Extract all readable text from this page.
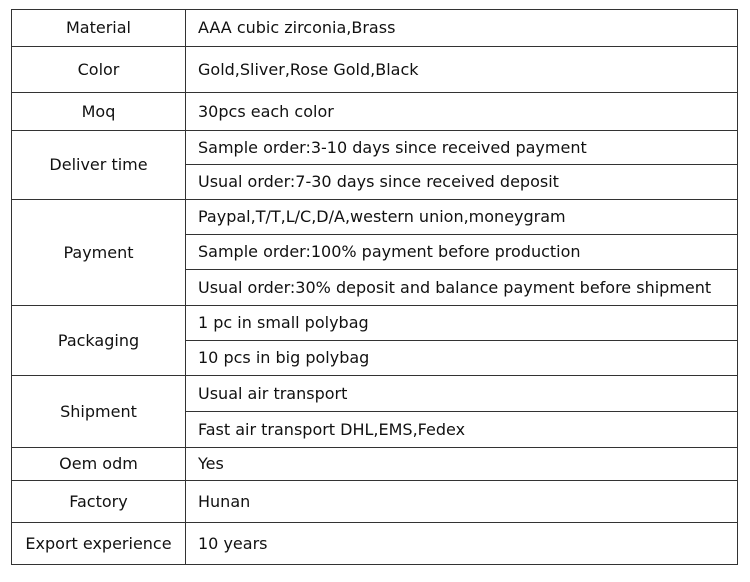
Material	AAA cubic zirconia,Brass
Color	Gold,Sliver,Rose Gold,Black
Moq	30pcs each color
Deliver time	Sample order:3-10 days since received payment
	Usual order:7-30 days since received deposit
Payment	Paypal,T/T,L/C,D/A,western union,moneygram
	Sample order:100% payment before production
	Usual order:30% deposit and balance payment before shipment
Packaging	1 pc in small polybag
	10 pcs in big polybag
Shipment	Usual air transport
	Fast air transport DHL,EMS,Fedex
Oem odm	Yes
Factory	Hunan
Export experience	10 years
